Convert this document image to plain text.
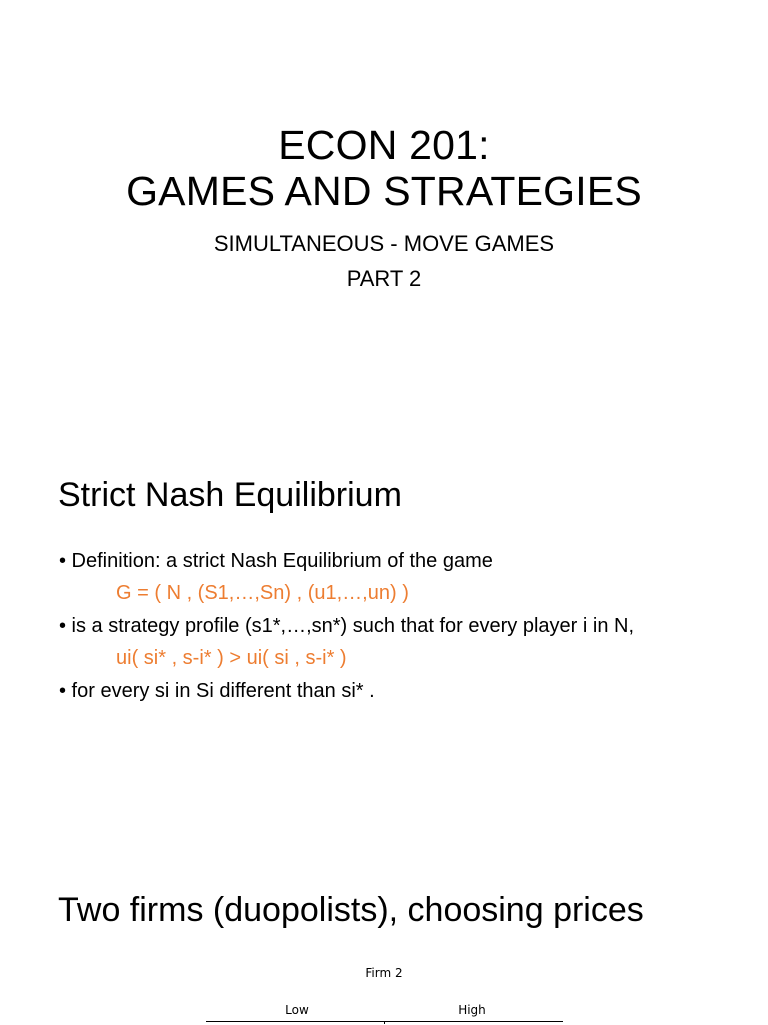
ECON 201:
GAMES AND STRATEGIES
SIMULTANEOUS - MOVE GAMES
PART 2
Strict Nash Equilibrium
• Definition: a strict Nash Equilibrium of the game
G = ( N , (S1,…,Sn) , (u1,…,un) )
• is a strategy profile (s1*,…,sn*) such that for every player i in N,
ui( si* , s-i* ) > ui( si , s-i* )
• for every si in Si different than si* .
Two firms (duopolists), choosing prices
Firm 2
Low	High
